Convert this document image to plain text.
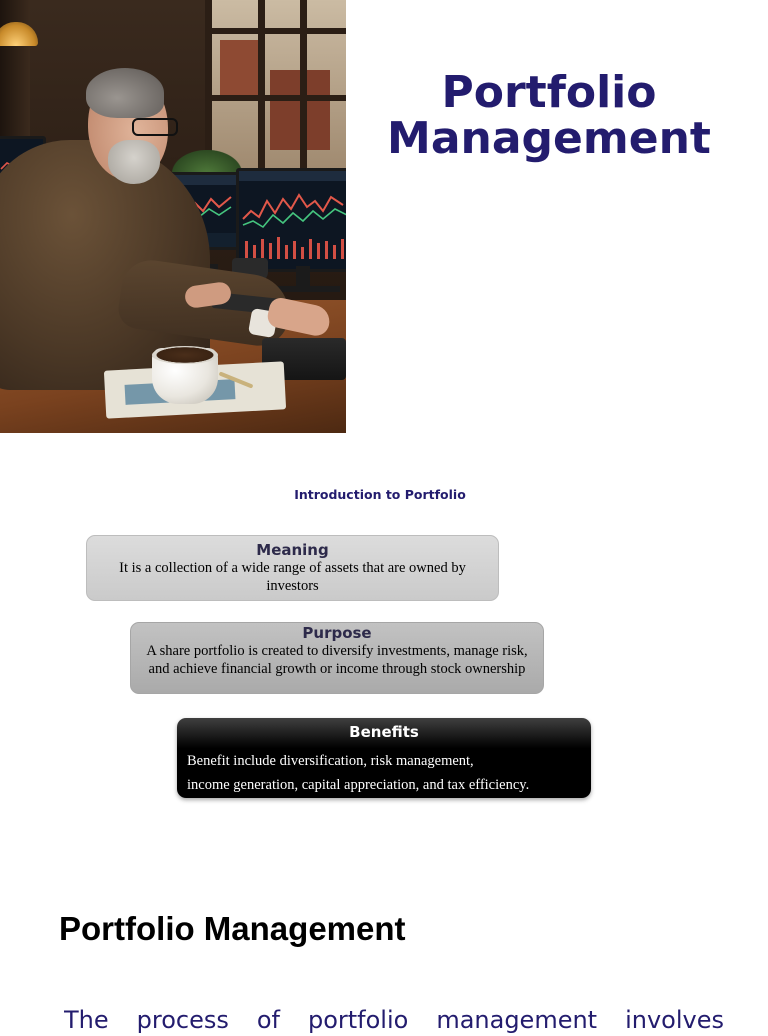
Portfolio
Management
Introduction to Portfolio
Meaning
It is a collection of a wide range of assets that are owned by investors
Purpose
A share portfolio is created to diversify investments, manage risk, and achieve financial growth or income through stock ownership
Benefits
Benefit include diversification, risk management,
income generation, capital appreciation, and tax efficiency.
Portfolio Management

The process of portfolio management involves
